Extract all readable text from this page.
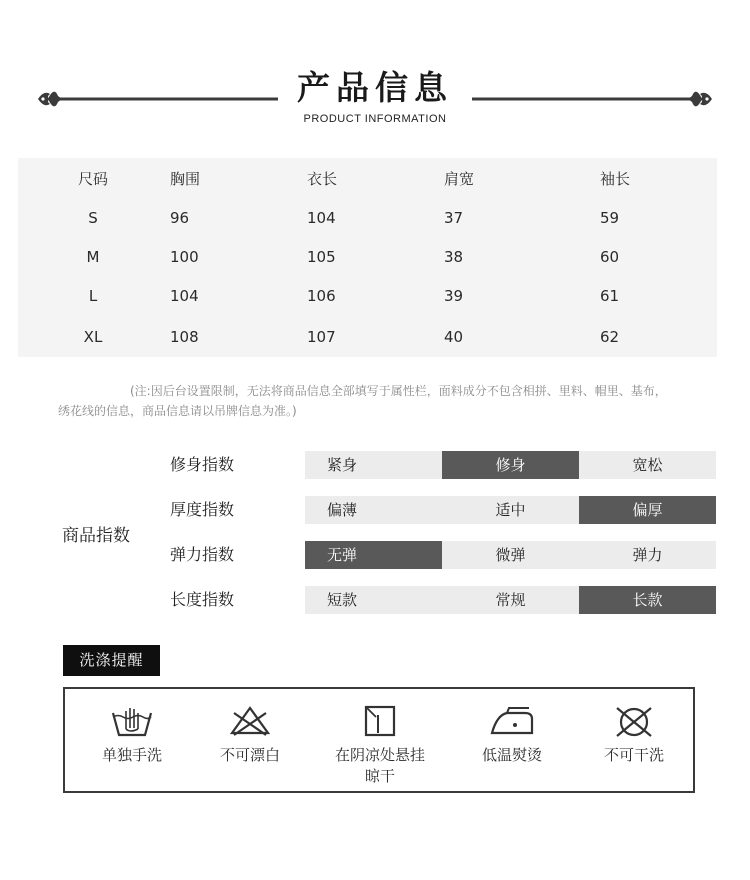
产品信息
PRODUCT INFORMATION
尺码	胸围	衣长	肩宽	袖长
S	96	104	37	59
M	100	105	38	60
L	104	106	39	61
XL	108	107	40	62
(注:因后台设置限制，无法将商品信息全部填写于属性栏，面料成分不包含相拼、里料、帽里、基布，绣花线的信息，商品信息请以吊牌信息为准。)
商品指数
修身指数	紧身	修身	宽松
厚度指数	偏薄	适中	偏厚
弹力指数	无弹	微弹	弹力
长度指数	短款	常规	长款
洗涤提醒
单独手洗	不可漂白	在阴凉处悬挂
晾干
低温熨烫	不可干洗
